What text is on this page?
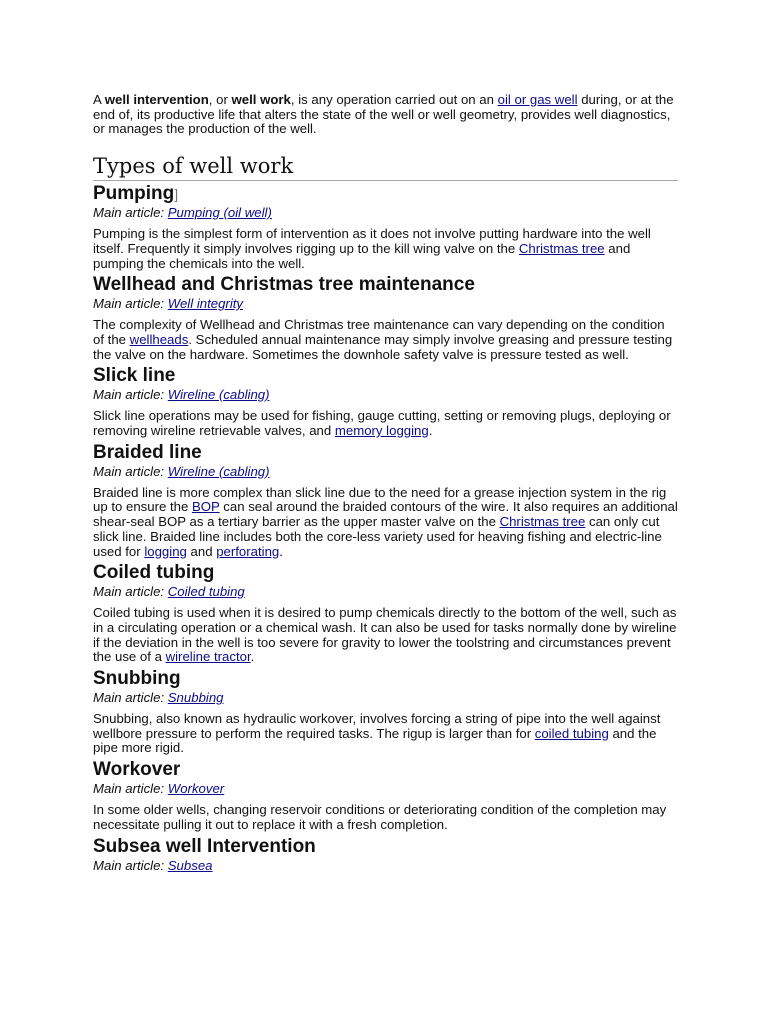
A well intervention, or well work, is any operation carried out on an oil or gas well during, or at the end of, its productive life that alters the state of the well or well geometry, provides well diagnostics, or manages the production of the well.

Types of well work
Pumping]
Main article: Pumping (oil well)

Pumping is the simplest form of intervention as it does not involve putting hardware into the well itself. Frequently it simply involves rigging up to the kill wing valve on the Christmas tree and pumping the chemicals into the well.

Wellhead and Christmas tree maintenance
Main article: Well integrity

The complexity of Wellhead and Christmas tree maintenance can vary depending on the condition of the wellheads. Scheduled annual maintenance may simply involve greasing and pressure testing the valve on the hardware. Sometimes the downhole safety valve is pressure tested as well.

Slick line
Main article: Wireline (cabling)

Slick line operations may be used for fishing, gauge cutting, setting or removing plugs, deploying or removing wireline retrievable valves, and memory logging.

Braided line
Main article: Wireline (cabling)

Braided line is more complex than slick line due to the need for a grease injection system in the rig up to ensure the BOP can seal around the braided contours of the wire. It also requires an additional shear-seal BOP as a tertiary barrier as the upper master valve on the Christmas tree can only cut slick line. Braided line includes both the core-less variety used for heaving fishing and electric-line used for logging and perforating.

Coiled tubing
Main article: Coiled tubing

Coiled tubing is used when it is desired to pump chemicals directly to the bottom of the well, such as in a circulating operation or a chemical wash. It can also be used for tasks normally done by wireline if the deviation in the well is too severe for gravity to lower the toolstring and circumstances prevent the use of a wireline tractor.

Snubbing
Main article: Snubbing

Snubbing, also known as hydraulic workover, involves forcing a string of pipe into the well against wellbore pressure to perform the required tasks. The rigup is larger than for coiled tubing and the pipe more rigid.

Workover
Main article: Workover

In some older wells, changing reservoir conditions or deteriorating condition of the completion may necessitate pulling it out to replace it with a fresh completion.

Subsea well Intervention
Main article: Subsea
